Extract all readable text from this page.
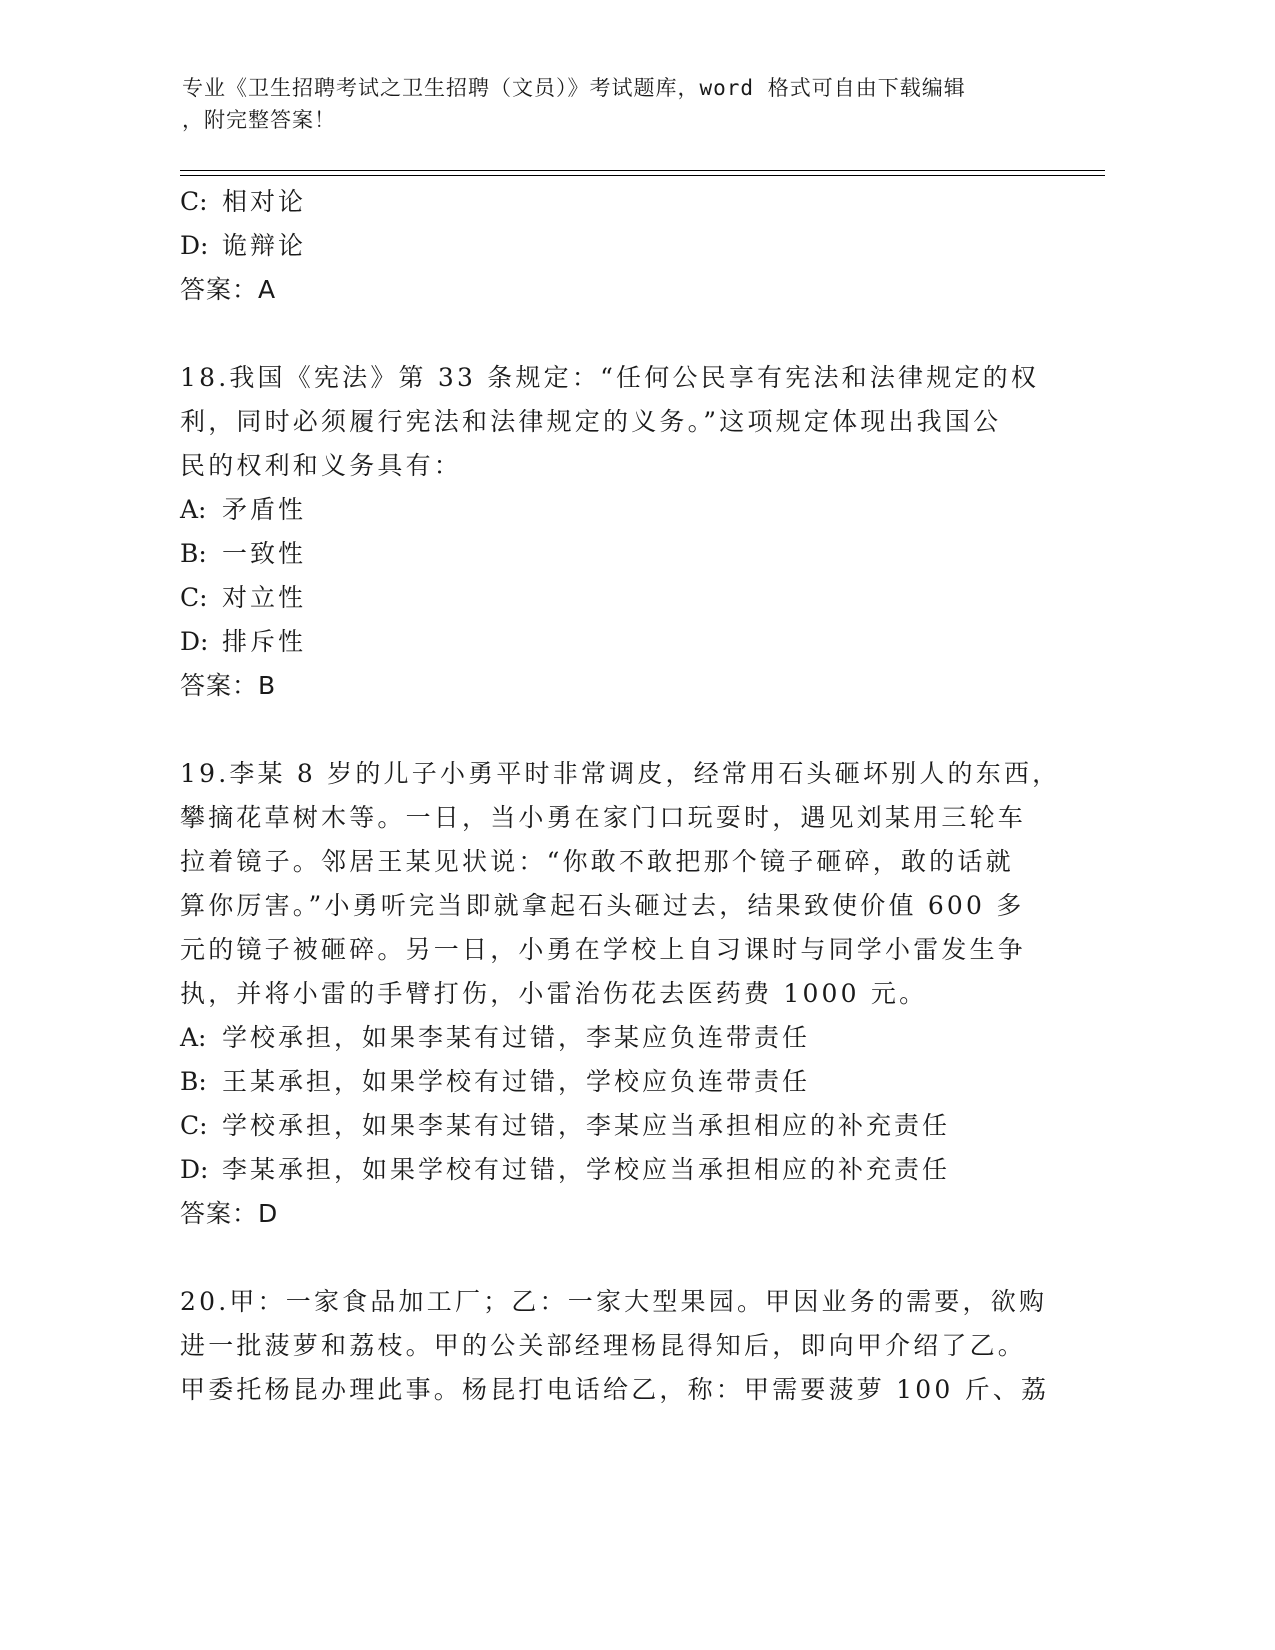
专业《卫生招聘考试之卫生招聘（文员）》考试题库，word 格式可自由下载编辑
，附完整答案！
C: 相对论
D: 诡辩论
答案：A
18.我国《宪法》第 33 条规定：“任何公民享有宪法和法律规定的权
利，同时必须履行宪法和法律规定的义务。”这项规定体现出我国公
民的权利和义务具有：
A: 矛盾性
B: 一致性
C: 对立性
D: 排斥性
答案：B
19.李某 8 岁的儿子小勇平时非常调皮，经常用石头砸坏别人的东西，
攀摘花草树木等。一日，当小勇在家门口玩耍时，遇见刘某用三轮车
拉着镜子。邻居王某见状说：“你敢不敢把那个镜子砸碎，敢的话就
算你厉害。”小勇听完当即就拿起石头砸过去，结果致使价值 600 多
元的镜子被砸碎。另一日，小勇在学校上自习课时与同学小雷发生争
执，并将小雷的手臂打伤，小雷治伤花去医药费 1000 元。
A: 学校承担，如果李某有过错，李某应负连带责任
B: 王某承担，如果学校有过错，学校应负连带责任
C: 学校承担，如果李某有过错，李某应当承担相应的补充责任
D: 李某承担，如果学校有过错，学校应当承担相应的补充责任
答案：D
20.甲：一家食品加工厂；乙：一家大型果园。甲因业务的需要，欲购
进一批菠萝和荔枝。甲的公关部经理杨昆得知后，即向甲介绍了乙。
甲委托杨昆办理此事。杨昆打电话给乙，称：甲需要菠萝 100 斤、荔
